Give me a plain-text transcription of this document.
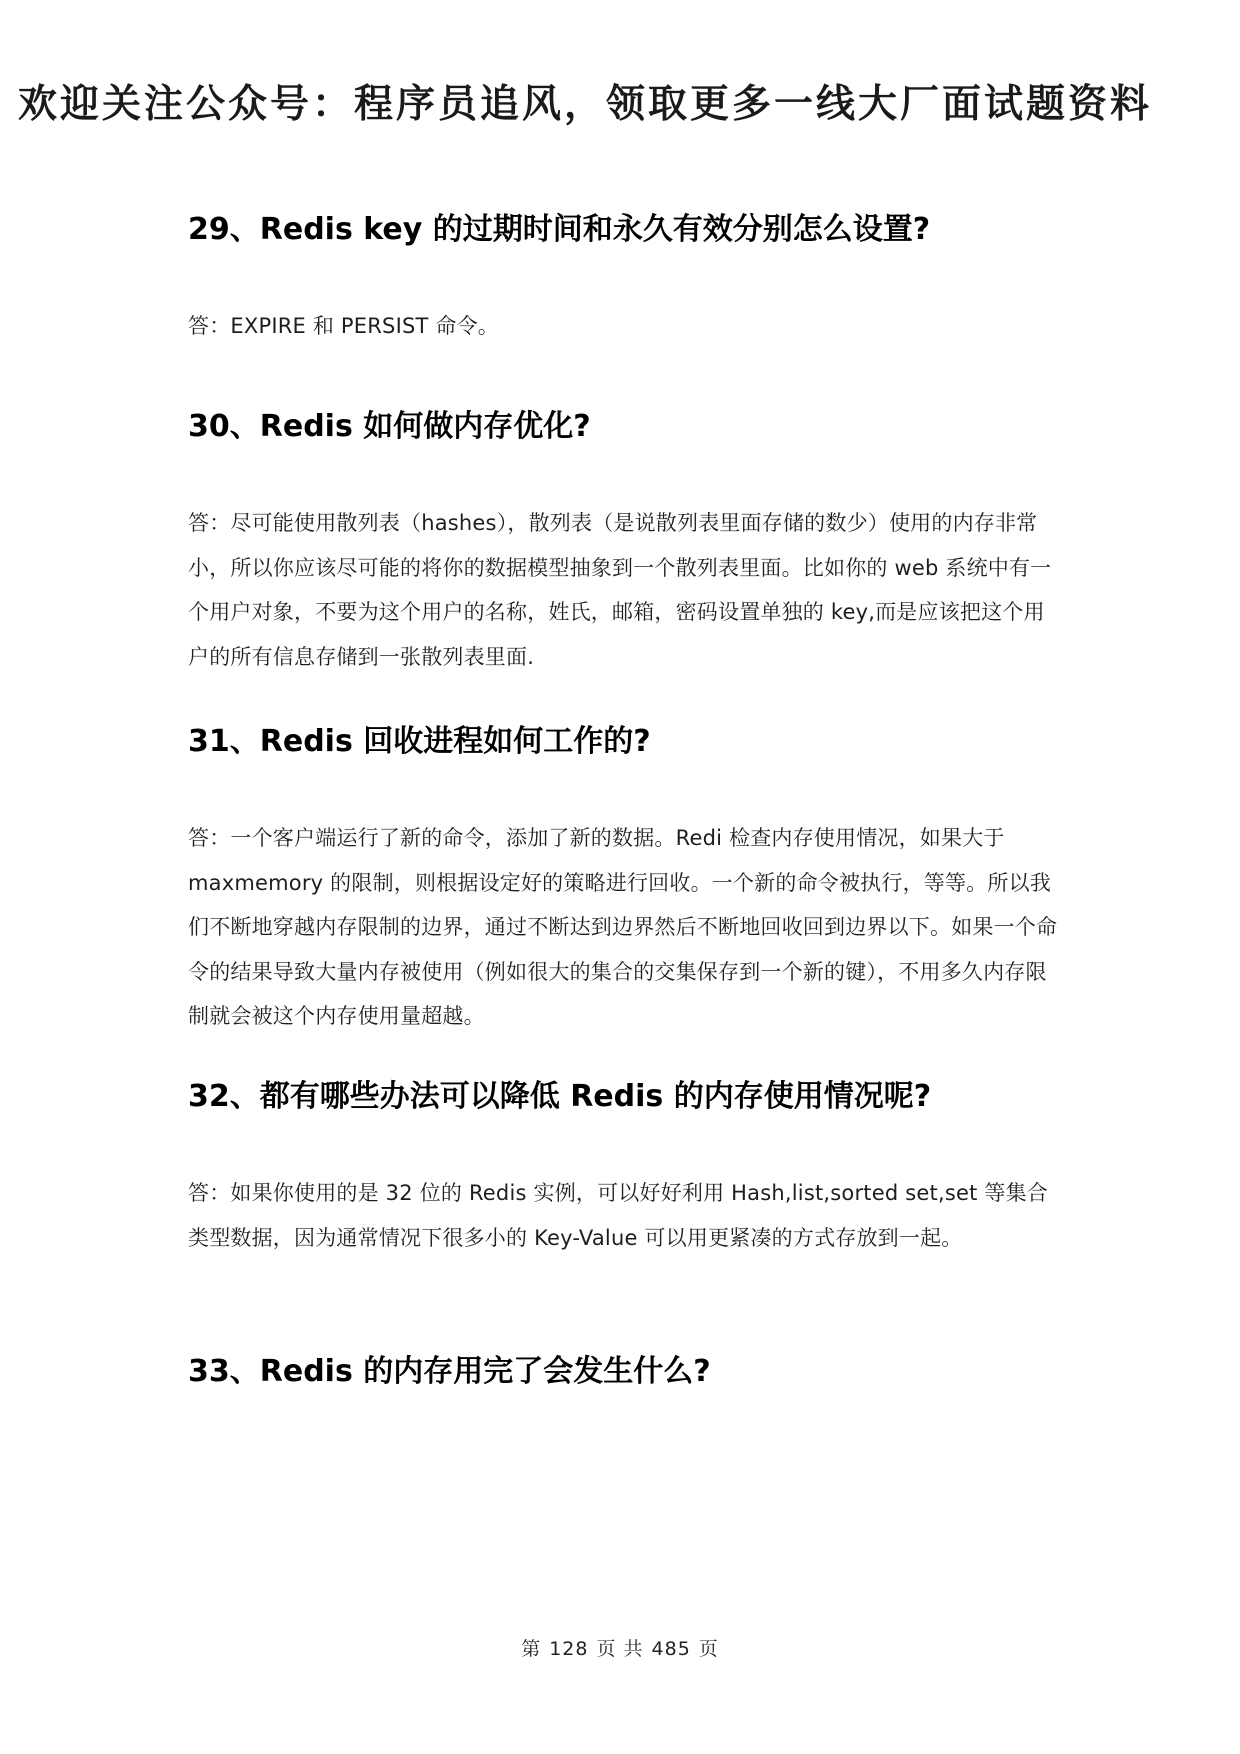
欢迎关注公众号：程序员追风，领取更多一线大厂面试题资料
29、Redis key 的过期时间和永久有效分别怎么设置?

答：EXPIRE 和 PERSIST 命令。

30、Redis 如何做内存优化?

答：尽可能使用散列表（hashes），散列表（是说散列表里面存储的数少）使用的内存非常小，所以你应该尽可能的将你的数据模型抽象到一个散列表里面。比如你的 web 系统中有一个用户对象，不要为这个用户的名称，姓氏，邮箱，密码设置单独的 key,而是应该把这个用户的所有信息存储到一张散列表里面.

31、Redis 回收进程如何工作的?

答：一个客户端运行了新的命令，添加了新的数据。Redi 检查内存使用情况，如果大于 maxmemory 的限制，则根据设定好的策略进行回收。一个新的命令被执行，等等。所以我们不断地穿越内存限制的边界，通过不断达到边界然后不断地回收回到边界以下。如果一个命令的结果导致大量内存被使用（例如很大的集合的交集保存到一个新的键），不用多久内存限制就会被这个内存使用量超越。

32、都有哪些办法可以降低 Redis 的内存使用情况呢?

答：如果你使用的是 32 位的 Redis 实例，可以好好利用 Hash,list,sorted set,set 等集合类型数据，因为通常情况下很多小的 Key-Value 可以用更紧凑的方式存放到一起。

33、Redis 的内存用完了会发生什么?
第 128 页 共 485 页
